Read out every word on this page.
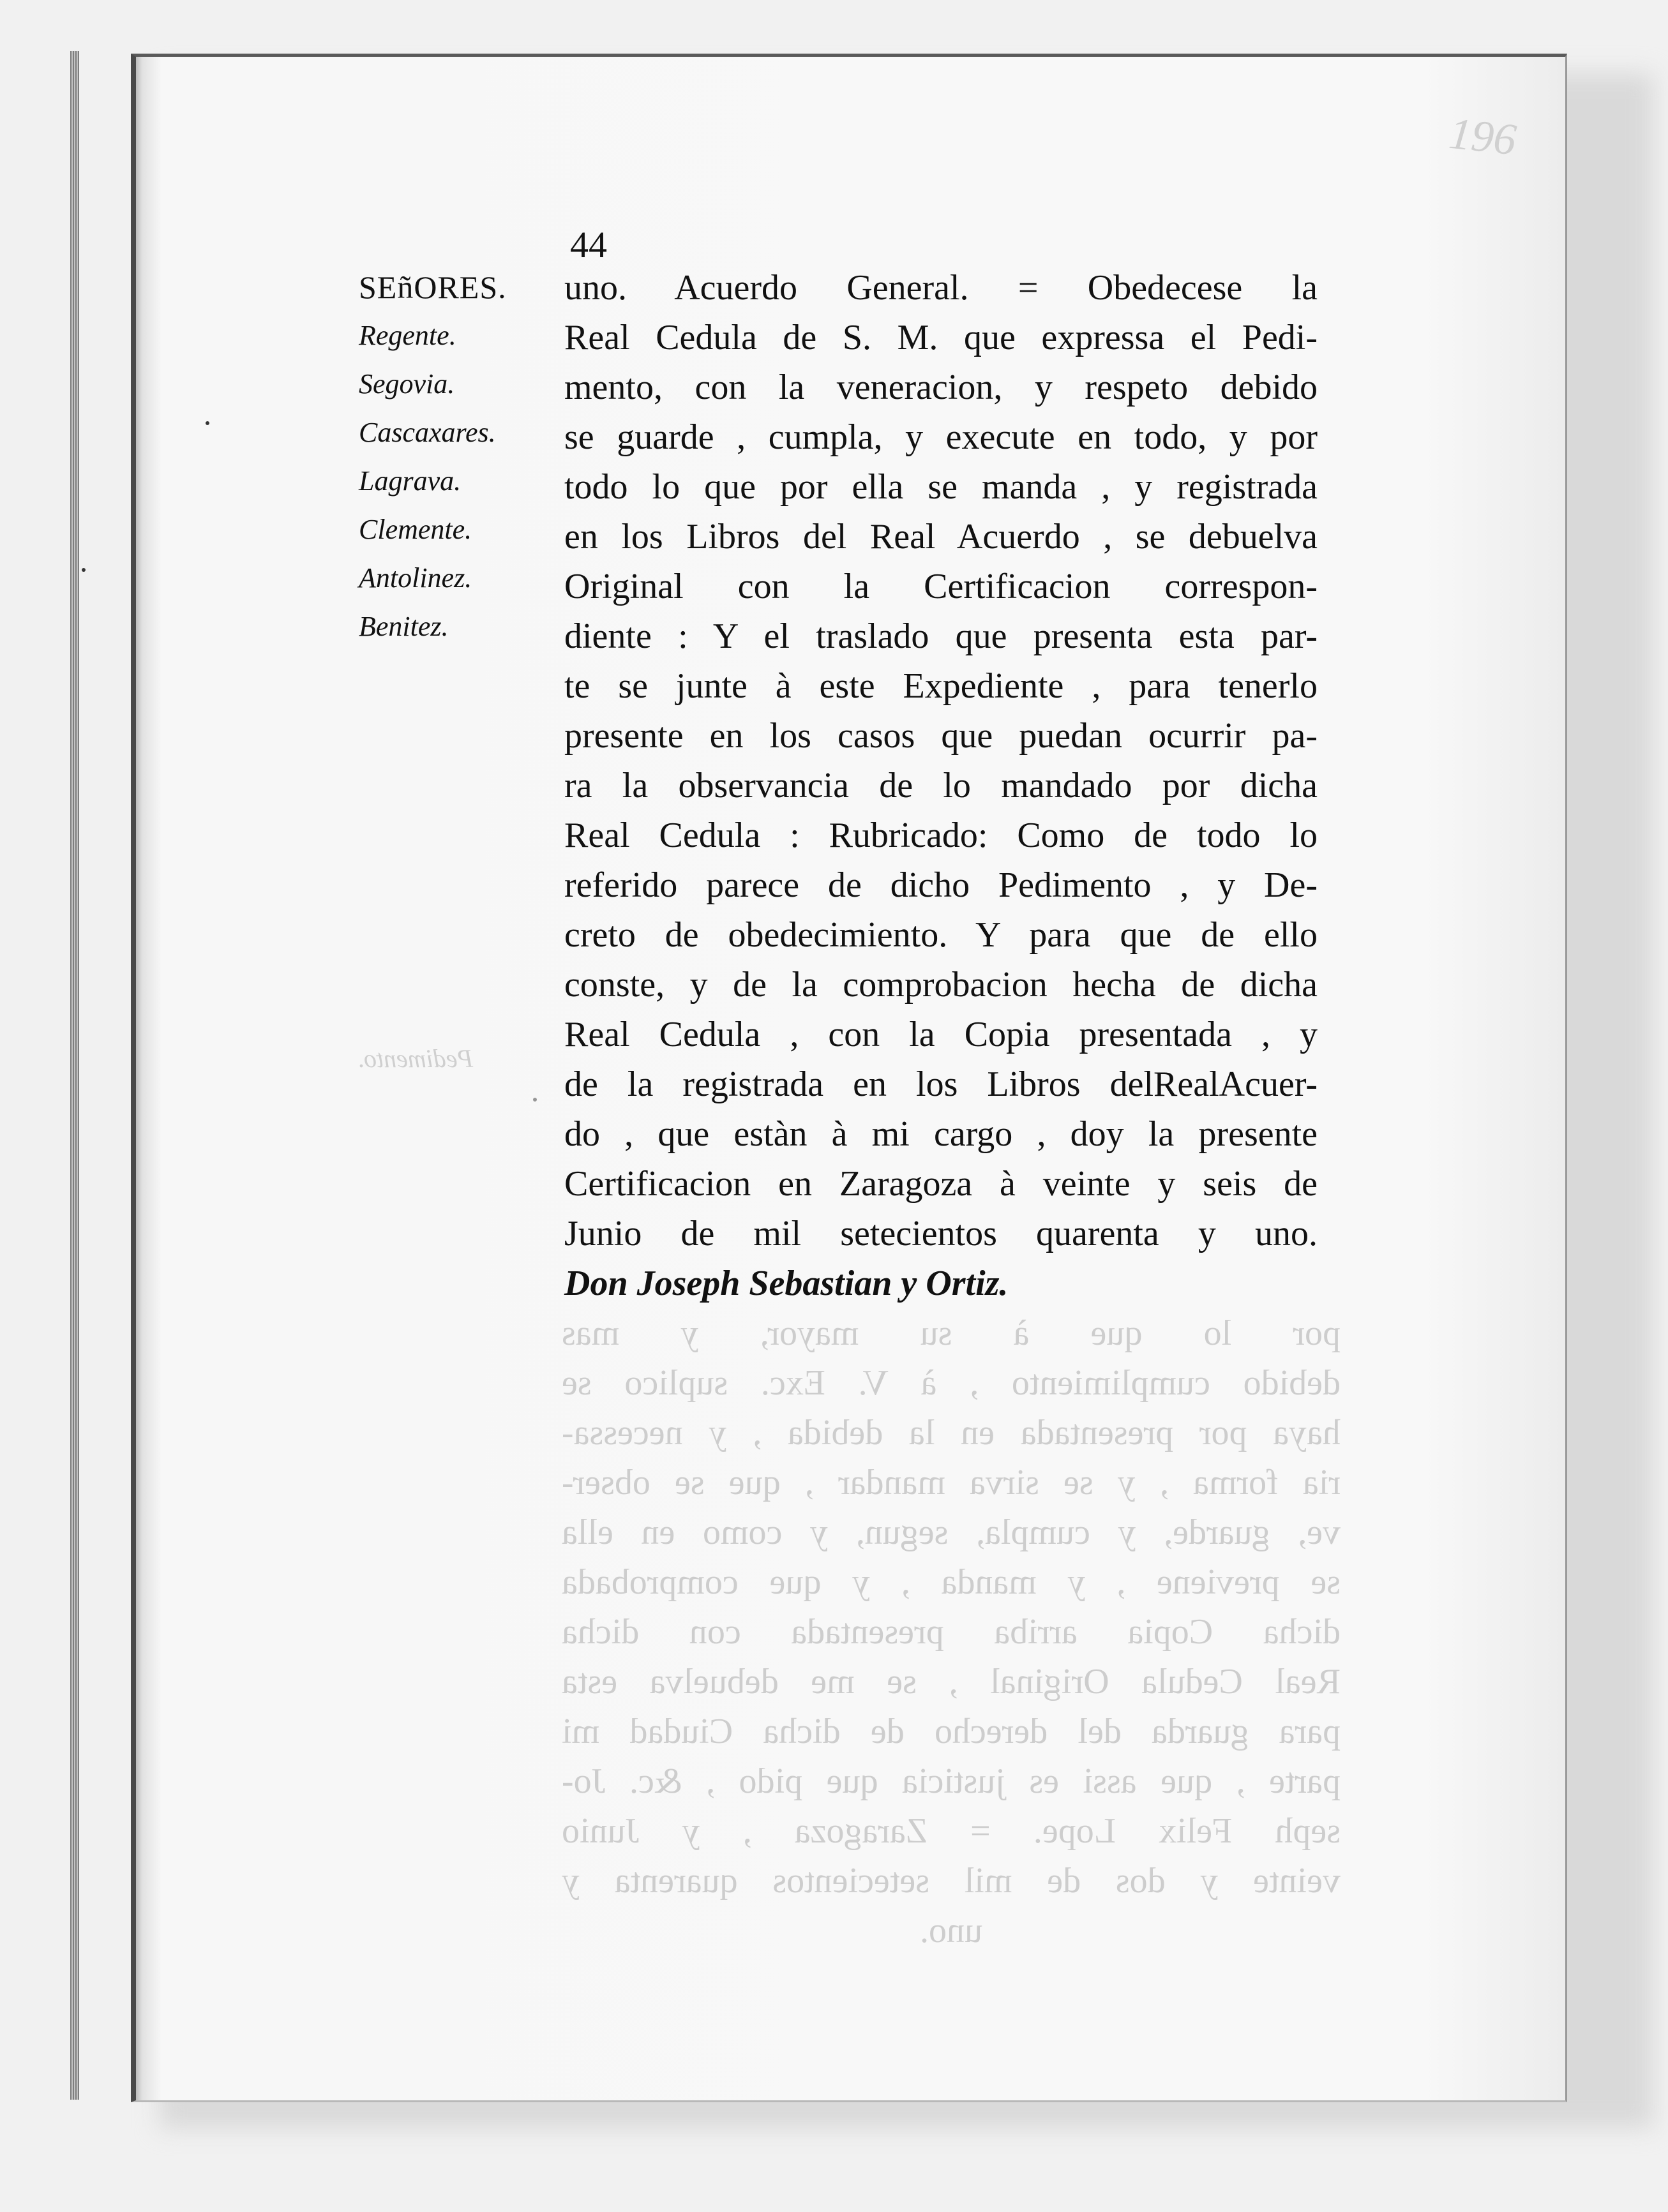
196
Pedimento.
por lo que à su mayor, y mas
debido cumplimiento , à V. Exc. suplico se
haya por presentada en la debida , y necessa-
ria forma , y se sirva mandar , que se obser-
ve, guarde, y cumpla, segun, y como en ella
se previene , y manda , y que comprobada
dicha Copia arriba presentada con dicha
Real Cedula Original , se me debuelva esta
para guarda del derecho de dicha Ciudad mi
parte , que assi es justicia que pido , &c. Jo-
seph Felix Lope. = Zaragoza , y Junio
veinte y dos de mil setecientos quarenta y
uno.
44
SEñORES.
Regente.
Segovia.
Cascaxares.
Lagrava.
Clemente.
Antolinez.
Benitez.
uno. Acuerdo General. = Obedecese la
Real Cedula de S. M. que expressa el Pedi-
mento, con la veneracion, y respeto debido
se guarde , cumpla, y execute en todo, y por
todo lo que por ella se manda , y registrada
en los Libros del Real Acuerdo , se debuelva
Original con la Certificacion correspon-
diente : Y el traslado que presenta esta par-
te se junte à este Expediente , para tenerlo
presente en los casos que puedan ocurrir pa-
ra la observancia de lo mandado por dicha
Real Cedula : Rubricado: Como de todo lo
referido parece de dicho Pedimento , y De-
creto de obedecimiento. Y para que de ello
conste, y de la comprobacion hecha de dicha
Real Cedula , con la Copia presentada , y
de la registrada en los Libros delRealAcuer-
do , que estàn à mi cargo , doy la presente
Certificacion en Zaragoza à veinte y seis de
Junio de mil setecientos quarenta y uno.
Don Joseph Sebastian y Ortiz.
